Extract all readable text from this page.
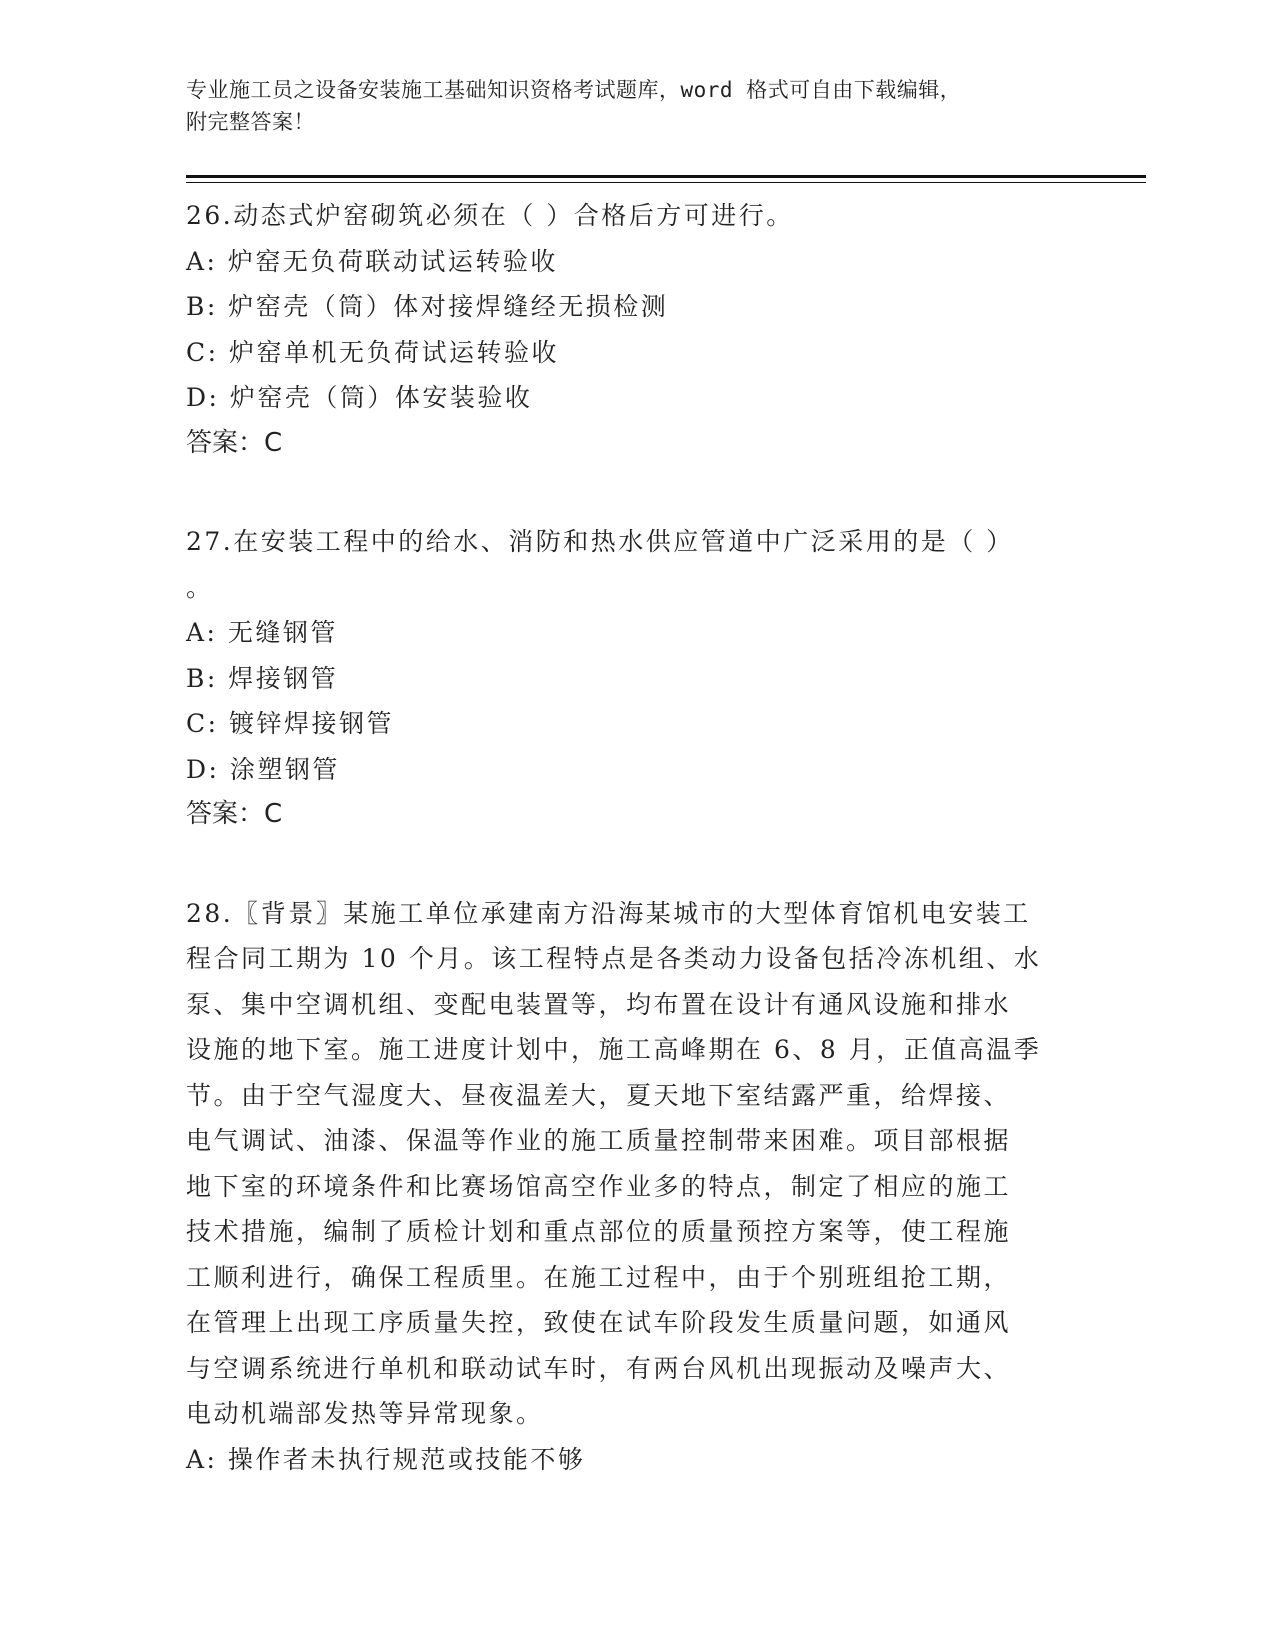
专业施工员之设备安装施工基础知识资格考试题库，word 格式可自由下载编辑，
附完整答案！
26.动态式炉窑砌筑必须在（ ）合格后方可进行。
A: 炉窑无负荷联动试运转验收
B: 炉窑壳（筒）体对接焊缝经无损检测
C: 炉窑单机无负荷试运转验收
D: 炉窑壳（筒）体安装验收
答案：C
27.在安装工程中的给水、消防和热水供应管道中广泛采用的是（ ）
。
A: 无缝钢管
B: 焊接钢管
C: 镀锌焊接钢管
D: 涂塑钢管
答案：C
28.〖背景〗某施工单位承建南方沿海某城市的大型体育馆机电安装工
程合同工期为 10 个月。该工程特点是各类动力设备包括冷冻机组、水
泵、集中空调机组、变配电装置等，均布置在设计有通风设施和排水
设施的地下室。施工进度计划中，施工高峰期在 6、8 月，正值高温季
节。由于空气湿度大、昼夜温差大，夏天地下室结露严重，给焊接、
电气调试、油漆、保温等作业的施工质量控制带来困难。项目部根据
地下室的环境条件和比赛场馆高空作业多的特点，制定了相应的施工
技术措施，编制了质检计划和重点部位的质量预控方案等，使工程施
工顺利进行，确保工程质里。在施工过程中，由于个别班组抢工期，
在管理上出现工序质量失控，致使在试车阶段发生质量问题，如通风
与空调系统进行单机和联动试车时，有两台风机出现振动及噪声大、
电动机端部发热等异常现象。
A: 操作者未执行规范或技能不够
